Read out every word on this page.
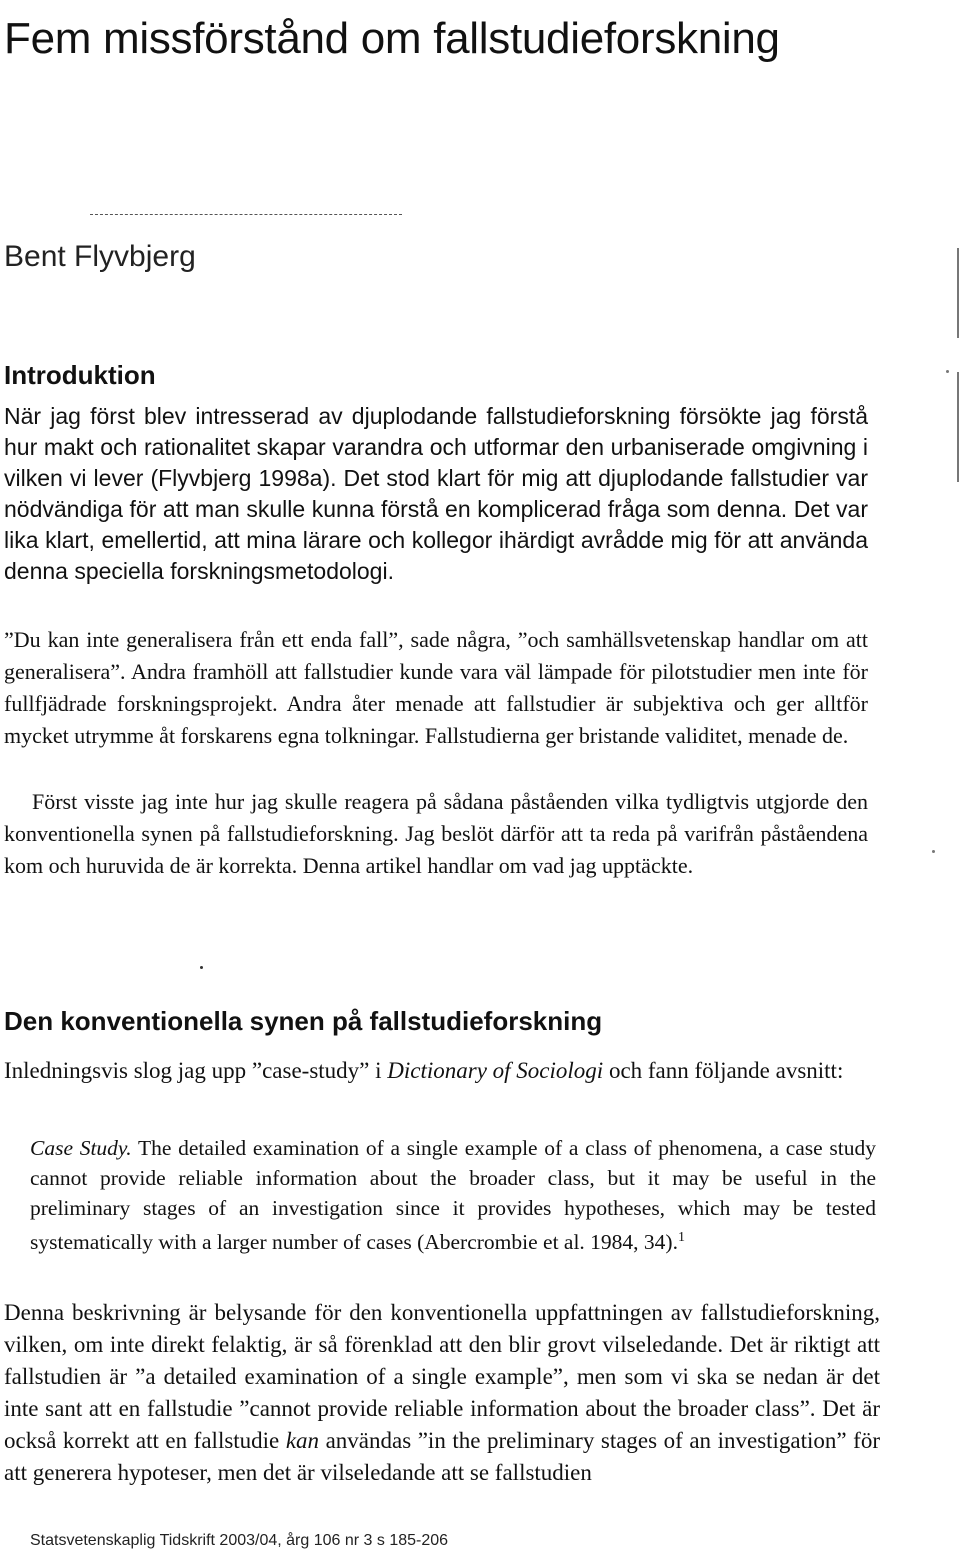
Fem missförstånd om fallstudieforskning
Bent Flyvbjerg
Introduktion

När jag först blev intresserad av djuplodande fallstudieforskning försökte jag förstå hur makt och rationalitet skapar varandra och utformar den urbaniserade omgivning i vilken vi lever (Flyvbjerg 1998a). Det stod klart för mig att djuplodande fallstudier var nödvändiga för att man skulle kunna förstå en komplicerad fråga som denna. Det var lika klart, emellertid, att mina lärare och kollegor ihärdigt avrådde mig för att använda denna speciella forskningsmetodologi.

”Du kan inte generalisera från ett enda fall”, sade några, ”och samhällsvetenskap handlar om att generalisera”. Andra framhöll att fallstudier kunde vara väl lämpade för pilotstudier men inte för fullfjädrade forskningsprojekt. Andra åter menade att fallstudier är subjektiva och ger alltför mycket utrymme åt forskarens egna tolkningar. Fallstudierna ger bristande validitet, menade de.

Först visste jag inte hur jag skulle reagera på sådana påståenden vilka tydligtvis utgjorde den konventionella synen på fallstudieforskning. Jag beslöt därför att ta reda på varifrån påståendena kom och huruvida de är korrekta. Denna artikel handlar om vad jag upptäckte.

Den konventionella synen på fallstudieforskning

Inledningsvis slog jag upp ”case-study” i Dictionary of Sociologi och fann följande avsnitt:

Case Study. The detailed examination of a single example of a class of phenomena, a case study cannot provide reliable information about the broader class, but it may be useful in the preliminary stages of an investigation since it provides hypotheses, which may be tested systematically with a larger number of cases (Abercrombie et al. 1984, 34).$^1$

Denna beskrivning är belysande för den konventionella uppfattningen av fallstudieforskning, vilken, om inte direkt felaktig, är så förenklad att den blir grovt vilseledande. Det är riktigt att fallstudien är ”a detailed examination of a single example”, men som vi ska se nedan är det inte sant att en fallstudie ”cannot provide reliable information about the broader class”. Det är också korrekt att en fallstudie kan användas ”in the preliminary stages of an investigation” för att generera hypoteser, men det är vilseledande att se fallstudien

Statsvetenskaplig Tidskrift 2003/04, årg 106 nr 3 s 185-206
